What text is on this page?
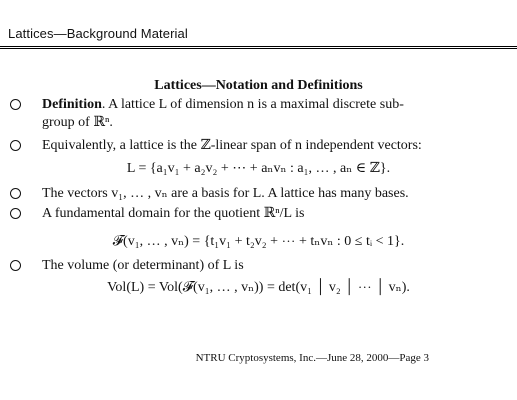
Lattices—Background Material
Lattices—Notation and Definitions
Definition. A lattice L of dimension n is a maximal discrete sub-
group of ℝⁿ.
Equivalently, a lattice is the ℤ-linear span of n independent vectors:
L = {a₁v₁ + a₂v₂ + ⋯ + aₙvₙ : a₁, … , aₙ ∈ ℤ}.
The vectors v₁, … , vₙ are a basis for L. A lattice has many bases.
A fundamental domain for the quotient ℝⁿ/L is
𝓕(v₁, … , vₙ) = {t₁v₁ + t₂v₂ + ⋯ + tₙvₙ : 0 ≤ tᵢ < 1}.
The volume (or determinant) of L is
Vol(L) = Vol(𝓕(v₁, … , vₙ)) = det(v₁ │ v₂ │ ⋯ │ vₙ).
NTRU Cryptosystems, Inc.—June 28, 2000—Page 3
